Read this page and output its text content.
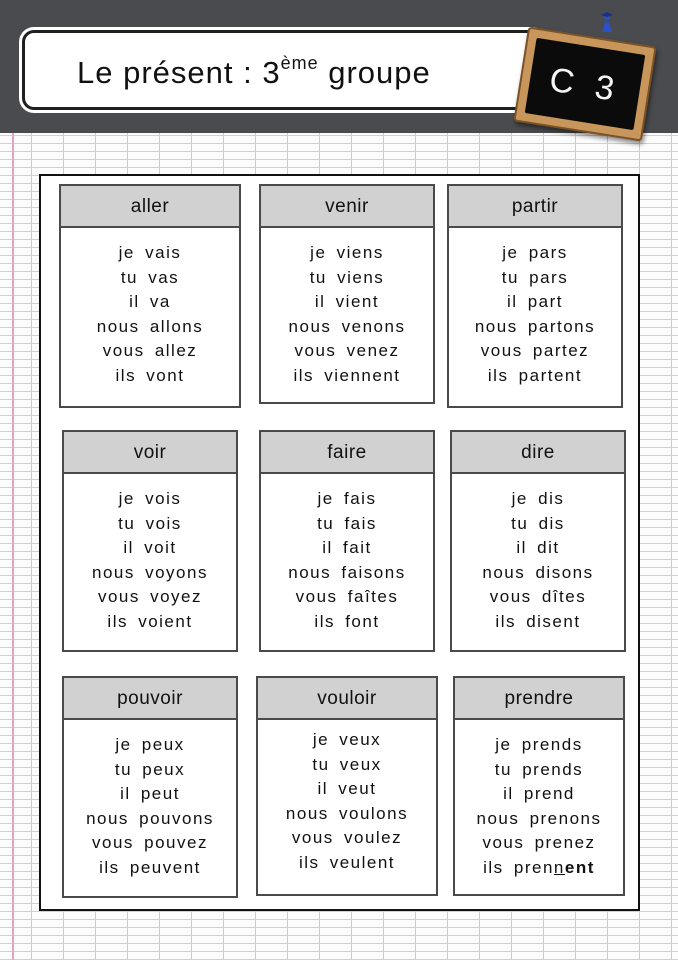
Le présent : 3ème groupe	C 3
aller
je vais
tu vas
il va
nous allons
vous allez
ils vont
venir
je viens
tu viens
il vient
nous venons
vous venez
ils viennent
partir
je pars
tu pars
il part
nous partons
vous partez
ils partent
voir
je vois
tu vois
il voit
nous voyons
vous voyez
ils voient
faire
je fais
tu fais
il fait
nous faisons
vous faîtes
ils font
dire
je dis
tu dis
il dit
nous disons
vous dîtes
ils disent
pouvoir
je peux
tu peux
il peut
nous pouvons
vous pouvez
ils peuvent
vouloir
je veux
tu veux
il veut
nous voulons
vous voulez
ils veulent
prendre
je prends
tu prends
il prend
nous prenons
vous prenez
ils prennent
